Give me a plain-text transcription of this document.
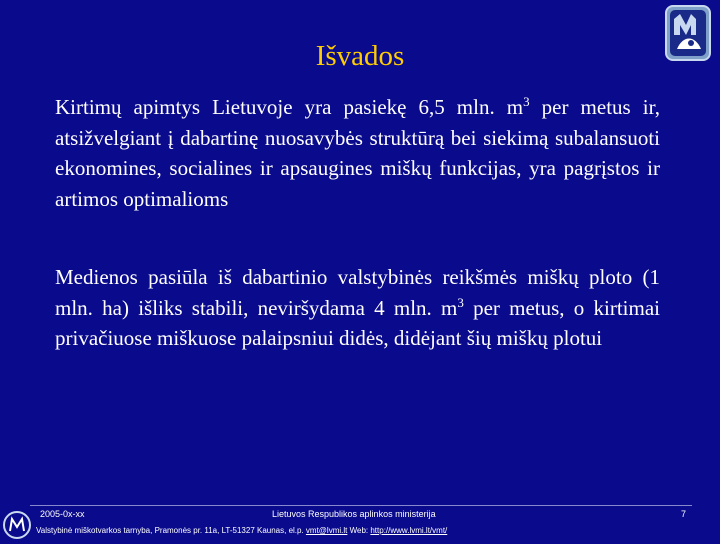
Išvados
Kirtimų apimtys Lietuvoje yra pasiekę 6,5 mln. $m^3$ per metus ir, atsižvelgiant į dabartinę nuosavybės struktūrą bei siekimą subalansuoti ekonomines, socialines ir apsaugines miškų funkcijas, yra pagrįstos ir artimos optimalioms
Medienos pasiūla iš dabartinio valstybinės reikšmės miškų ploto (1 mln. ha) išliks stabili, neviršydama 4 mln. $m^3$ per metus, o kirtimai privačiuose miškuose palaipsniui didės, didėjant šių miškų plotui
2005-0x-xx	Lietuvos Respublikos aplinkos ministerija	7
Valstybinė miškotvarkos tarnyba, Pramonės pr. 11a, LT-51327 Kaunas, el.p. vmt@lvmi.lt Web: http://www.lvmi.lt/vmt/
